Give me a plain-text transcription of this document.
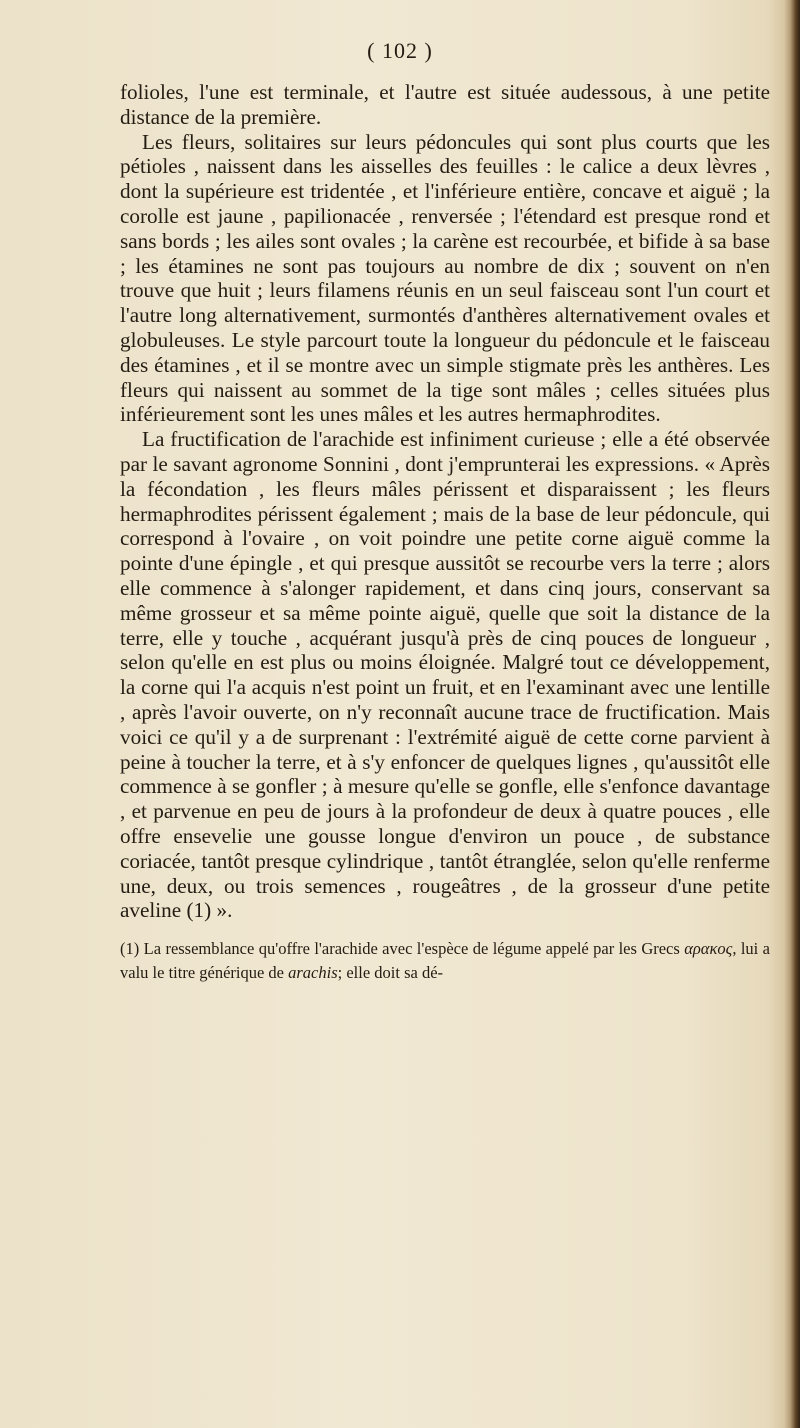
( 102 )

folioles, l'une est terminale, et l'autre est située audessous, à une petite distance de la première.

Les fleurs, solitaires sur leurs pédoncules qui sont plus courts que les pétioles , naissent dans les aisselles des feuilles : le calice a deux lèvres , dont la supérieure est tridentée , et l'inférieure entière, concave et aiguë ; la corolle est jaune , papilionacée , renversée ; l'étendard est presque rond et sans bords ; les ailes sont ovales ; la carène est recourbée, et bifide à sa base ; les étamines ne sont pas toujours au nombre de dix ; souvent on n'en trouve que huit ; leurs filamens réunis en un seul faisceau sont l'un court et l'autre long alternativement, surmontés d'anthères alternativement ovales et globuleuses. Le style parcourt toute la longueur du pédoncule et le faisceau des étamines , et il se montre avec un simple stigmate près les anthères. Les fleurs qui naissent au sommet de la tige sont mâles ; celles situées plus inférieurement sont les unes mâles et les autres hermaphrodites.

La fructification de l'arachide est infiniment curieuse ; elle a été observée par le savant agronome Sonnini , dont j'emprunterai les expressions. « Après la fécondation , les fleurs mâles périssent et disparaissent ; les fleurs hermaphrodites périssent également ; mais de la base de leur pédoncule, qui correspond à l'ovaire , on voit poindre une petite corne aiguë comme la pointe d'une épingle , et qui presque aussitôt se recourbe vers la terre ; alors elle commence à s'alonger rapidement, et dans cinq jours, conservant sa même grosseur et sa même pointe aiguë, quelle que soit la distance de la terre, elle y touche , acquérant jusqu'à près de cinq pouces de longueur , selon qu'elle en est plus ou moins éloignée. Malgré tout ce développement, la corne qui l'a acquis n'est point un fruit, et en l'examinant avec une lentille , après l'avoir ouverte, on n'y reconnaît aucune trace de fructification. Mais voici ce qu'il y a de surprenant : l'extrémité aiguë de cette corne parvient à peine à toucher la terre, et à s'y enfoncer de quelques lignes , qu'aussitôt elle commence à se gonfler ; à mesure qu'elle se gonfle, elle s'enfonce davantage , et parvenue en peu de jours à la profondeur de deux à quatre pouces , elle offre ensevelie une gousse longue d'environ un pouce , de substance coriacée, tantôt presque cylindrique , tantôt étranglée, selon qu'elle renferme une, deux, ou trois semences , rougeâtres , de la grosseur d'une petite aveline (1) ».

(1) La ressemblance qu'offre l'arachide avec l'espèce de légume appelé par les Grecs αρακος, lui a valu le titre générique de arachis; elle doit sa dé-
